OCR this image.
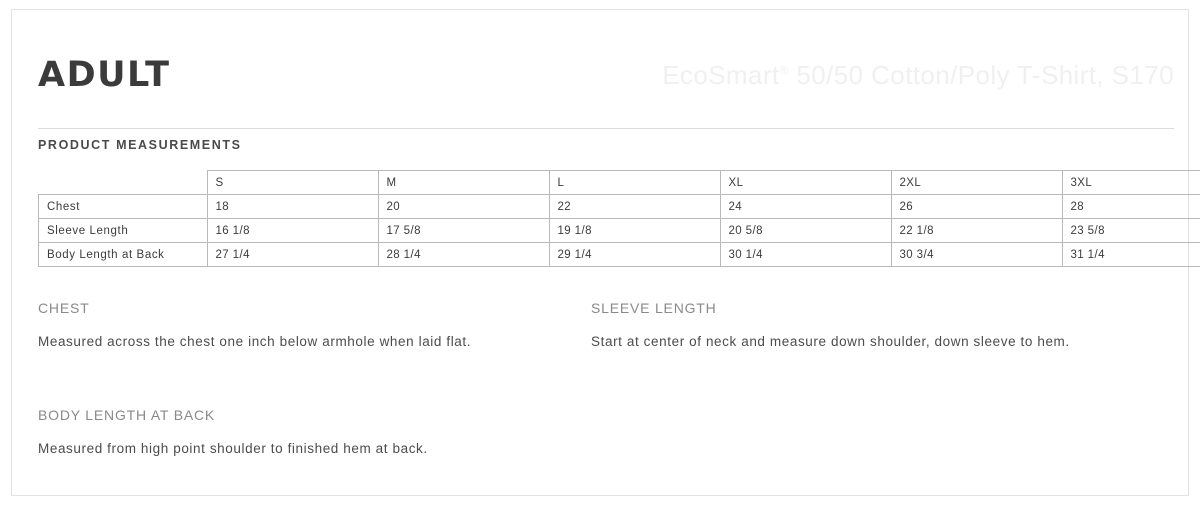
ADULT	EcoSmart® 50/50 Cotton/Poly T-Shirt, S170
PRODUCT MEASUREMENTS
	S	M	L	XL	2XL	3XL
Chest	18	20	22	24	26	28
Sleeve Length	16 1/8	17 5/8	19 1/8	20 5/8	22 1/8	23 5/8
Body Length at Back	27 1/4	28 1/4	29 1/4	30 1/4	30 3/4	31 1/4
CHEST
Measured across the chest one inch below armhole when laid flat.
SLEEVE LENGTH
Start at center of neck and measure down shoulder, down sleeve to hem.
BODY LENGTH AT BACK
Measured from high point shoulder to finished hem at back.
